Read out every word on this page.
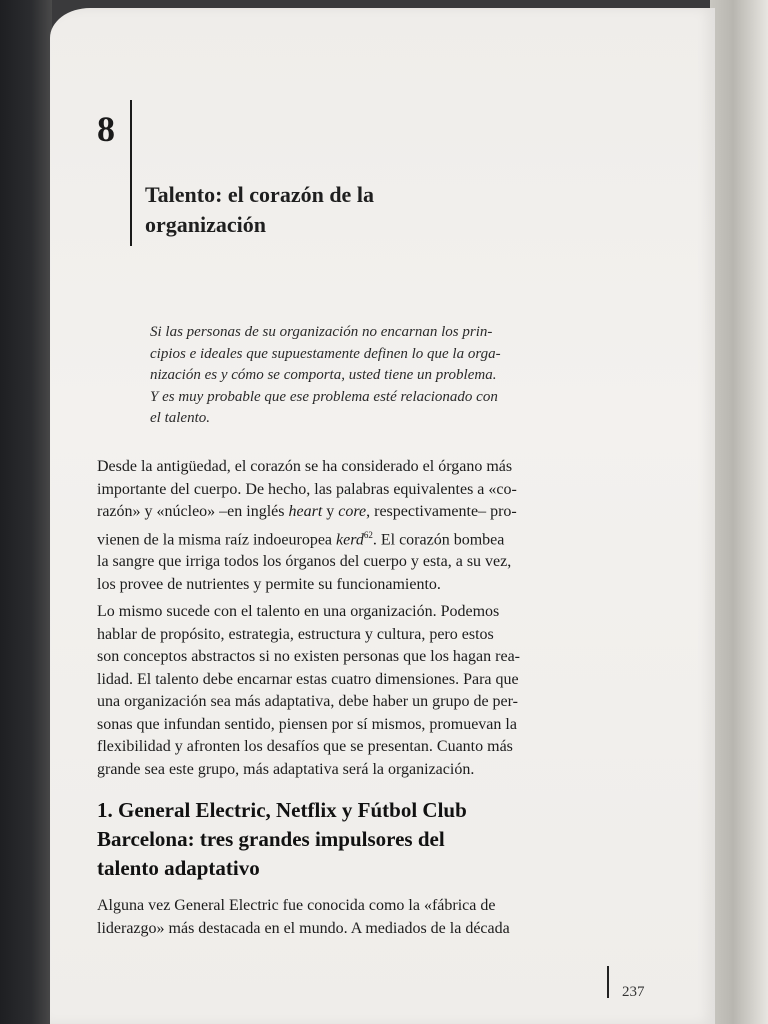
8
Talento: el corazón de la
organización

Si las personas de su organización no encarnan los prin-
cipios e ideales que supuestamente definen lo que la orga-
nización es y cómo se comporta, usted tiene un problema.
Y es muy probable que ese problema esté relacionado con
el talento.

Desde la antigüedad, el corazón se ha considerado el órgano más
importante del cuerpo. De hecho, las palabras equivalentes a «co-
razón» y «núcleo» –en inglés heart y core, respectivamente– pro-
vienen de la misma raíz indoeuropea kerd$^{62}$. El corazón bombea
la sangre que irriga todos los órganos del cuerpo y esta, a su vez,
los provee de nutrientes y permite su funcionamiento.

Lo mismo sucede con el talento en una organización. Podemos
hablar de propósito, estrategia, estructura y cultura, pero estos
son conceptos abstractos si no existen personas que los hagan rea-
lidad. El talento debe encarnar estas cuatro dimensiones. Para que
una organización sea más adaptativa, debe haber un grupo de per-
sonas que infundan sentido, piensen por sí mismos, promuevan la
flexibilidad y afronten los desafíos que se presentan. Cuanto más
grande sea este grupo, más adaptativa será la organización.

1. General Electric, Netflix y Fútbol Club
Barcelona: tres grandes impulsores del
talento adaptativo

Alguna vez General Electric fue conocida como la «fábrica de
liderazgo» más destacada en el mundo. A mediados de la década

237
